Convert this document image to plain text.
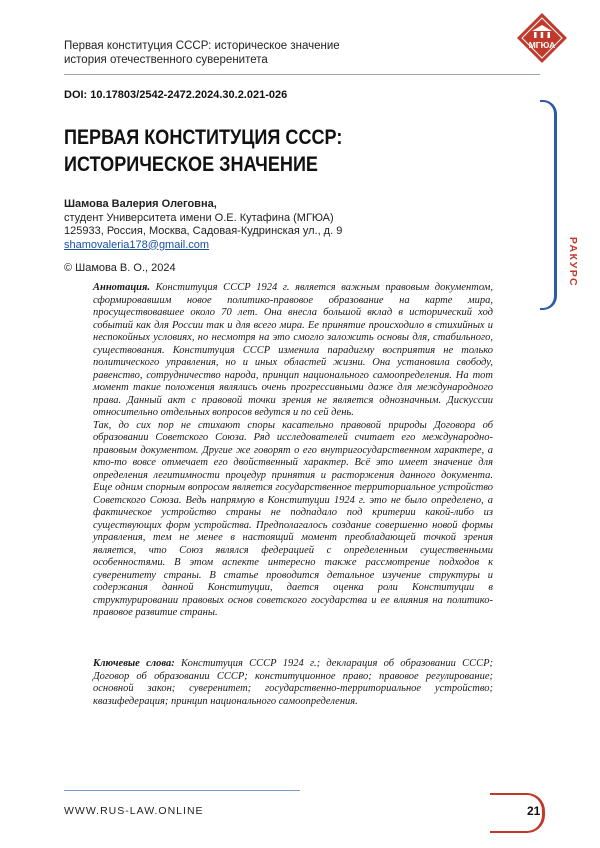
Первая конституция СССР: историческое значение
история отечественного суверенитета
МГЮА
DOI: 10.17803/2542-2472.2024.30.2.021-026
РАКУРС
ПЕРВАЯ КОНСТИТУЦИЯ СССР:
ИСТОРИЧЕСКОЕ ЗНАЧЕНИЕ
Шамова Валерия Олеговна,
студент Университета имени О.Е. Кутафина (МГЮА)
125933, Россия, Москва, Садовая-Кудринская ул., д. 9
shamovaleria178@gmail.com
© Шамова В. О., 2024

Аннотация. Конституция СССР 1924 г. является важным правовым документом, сформировавшим новое политико-правовое образование на карте мира, просуществовавшее около 70 лет. Она внесла большой вклад в исторический ход событий как для России так и для всего мира. Ее принятие происходило в стихийных и неспокойных условиях, но несмотря на это смогло заложить основы для, стабильного, существования. Конституция СССР изменила парадигму восприятия не только политического управления, но и иных областей жизни. Она установила свободу, равенство, сотрудничество народа, принцип национального самоопределения. На тот момент такие положения являлись очень прогрессивными даже для международного права. Данный акт с правовой точки зрения не является однозначным. Дискуссии относительно отдельных вопросов ведутся и по сей день.

Так, до сих пор не стихают споры касательно правовой природы Договора об образовании Советского Союза. Ряд исследователей считает его международно-правовым документом. Другие же говорят о его внутригосударственном характере, а кто-то вовсе отмечает его двойственный характер. Всё это имеет значение для определения легитимности процедур принятия и расторжения данного документа. Еще одним спорным вопросом является государственное территориальное устройство Советского Союза. Ведь напрямую в Конституции 1924 г. это не было определено, а фактическое устройство страны не подпадало под критерии какой-либо из существующих форм устройства. Предполагалось создание совершенно новой формы управления, тем не менее в настоящий момент преобладающей точкой зрения является, что Союз являлся федерацией с определенным существенными особенностями. В этом аспекте интересно также рассмотрение подходов к суверенитету страны. В статье проводится детальное изучение структуры и содержания данной Конституции, дается оценка роли Конституции в структурировании правовых основ советского государства и ее влияния на политико-правовое развитие страны.

Ключевые слова: Конституция СССР 1924 г.; декларация об образовании СССР; Договор об образовании СССР; конституционное право; правовое регулирование; основной закон; суверенитет; государственно-территориальное устройство; квазифедерация; принцип национального самоопределения.
WWW.RUS-LAW.ONLINE	21
